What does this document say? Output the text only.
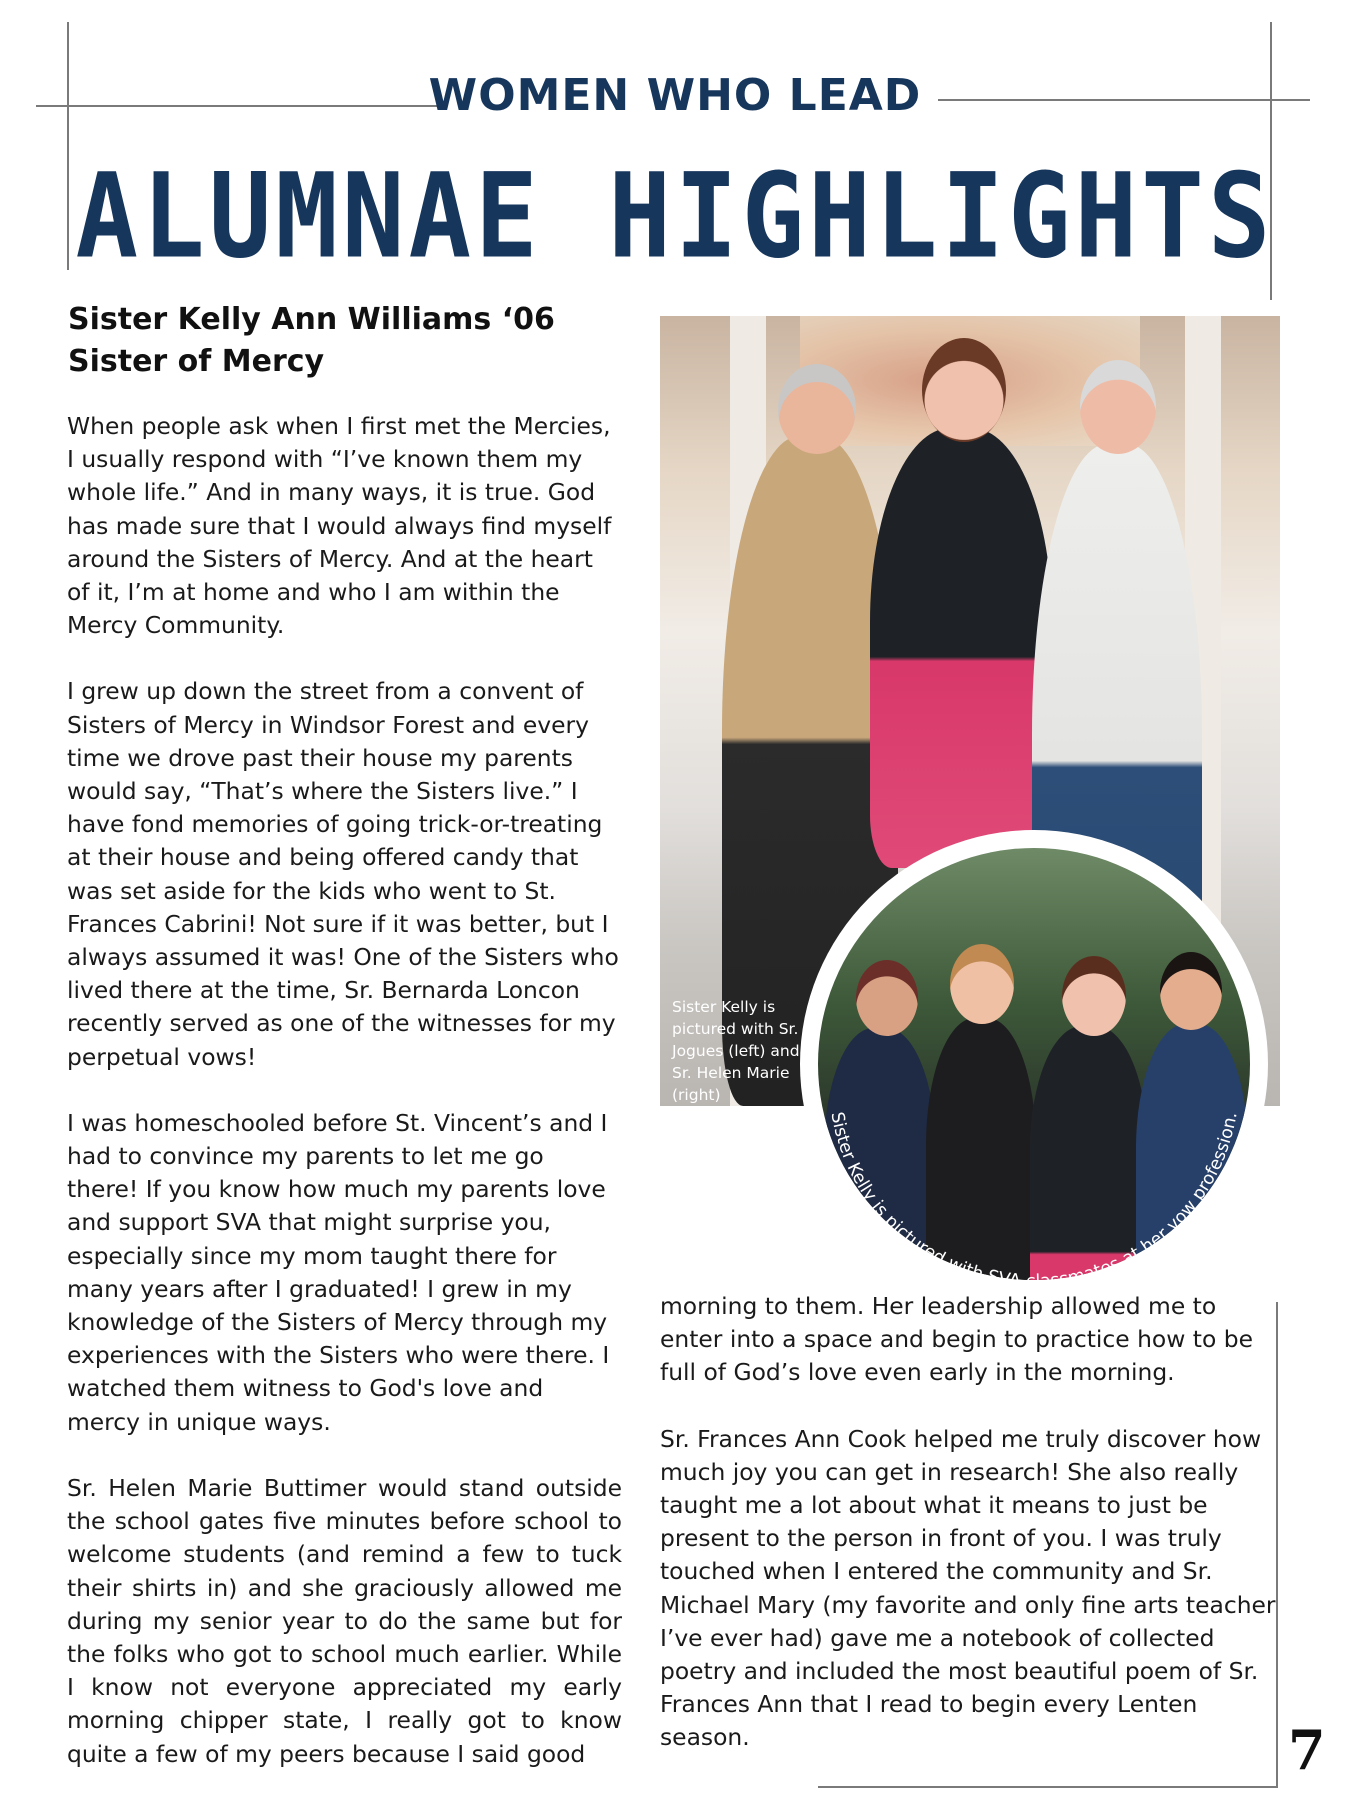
WOMEN WHO LEAD
ALUMNAE HIGHLIGHTS
Sister Kelly Ann Williams ‘06
Sister of Mercy

When people ask when I first met the Mercies, I usually respond with “I’ve known them my whole life.” And in many ways, it is true. God has made sure that I would always find myself around the Sisters of Mercy. And at the heart of it, I’m at home and who I am within the Mercy Community.

I grew up down the street from a convent of Sisters of Mercy in Windsor Forest and every time we drove past their house my parents would say, “That’s where the Sisters live.” I have fond memories of going trick-or-treating at their house and being offered candy that was set aside for the kids who went to St. Frances Cabrini! Not sure if it was better, but I always assumed it was! One of the Sisters who lived there at the time, Sr. Bernarda Loncon recently served as one of the witnesses for my perpetual vows!

I was homeschooled before St. Vincent’s and I had to convince my parents to let me go there! If you know how much my parents love and support SVA that might surprise you, especially since my mom taught there for many years after I graduated! I grew in my knowledge of the Sisters of Mercy through my experiences with the Sisters who were there. I watched them witness to God's love and mercy in unique ways.

Sr. Helen Marie Buttimer would stand outside the school gates five minutes before school to welcome students (and remind a few to tuck their shirts in) and she graciously allowed me during my senior year to do the same but for the folks who got to school much earlier. While I know not everyone appreciated my early morning chipper state, I really got to know quite a few of my peers because I said good

Sister Kelly is pictured with Sr. Jogues (left) and Sr. Helen Marie (right)
Sister Kelly is pictured with SVA classmates at her vow profession.

morning to them. Her leadership allowed me to enter into a space and begin to practice how to be full of God’s love even early in the morning.

Sr. Frances Ann Cook helped me truly discover how much joy you can get in research! She also really taught me a lot about what it means to just be present to the person in front of you. I was truly touched when I entered the community and Sr. Michael Mary (my favorite and only fine arts teacher I’ve ever had) gave me a notebook of collected poetry and included the most beautiful poem of Sr. Frances Ann that I read to begin every Lenten season.	7
